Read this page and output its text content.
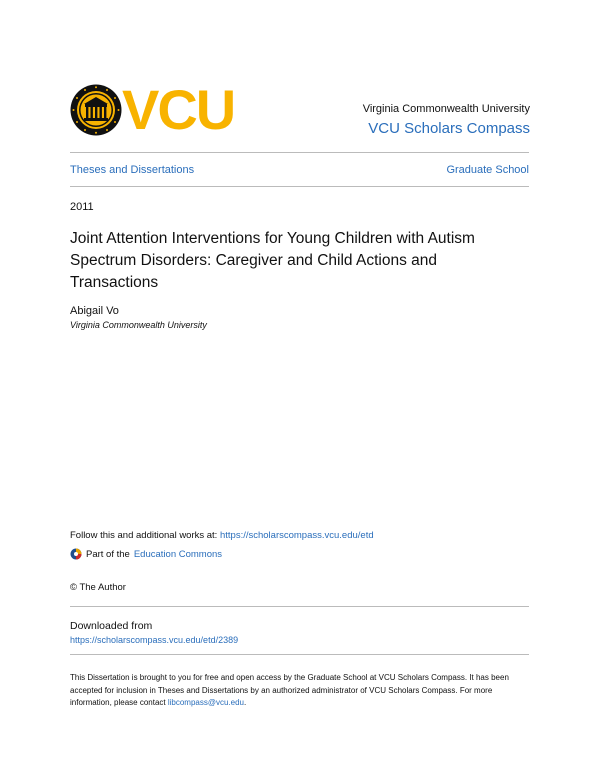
VCU	Virginia Commonwealth University
VCU Scholars Compass
Theses and Dissertations	Graduate School
2011
Joint Attention Interventions for Young Children with Autism Spectrum Disorders: Caregiver and Child Actions and Transactions
Abigail Vo
Virginia Commonwealth University
Follow this and additional works at: https://scholarscompass.vcu.edu/etd
Part of the Education Commons
© The Author
Downloaded from
https://scholarscompass.vcu.edu/etd/2389
This Dissertation is brought to you for free and open access by the Graduate School at VCU Scholars Compass. It has been accepted for inclusion in Theses and Dissertations by an authorized administrator of VCU Scholars Compass. For more information, please contact libcompass@vcu.edu.
